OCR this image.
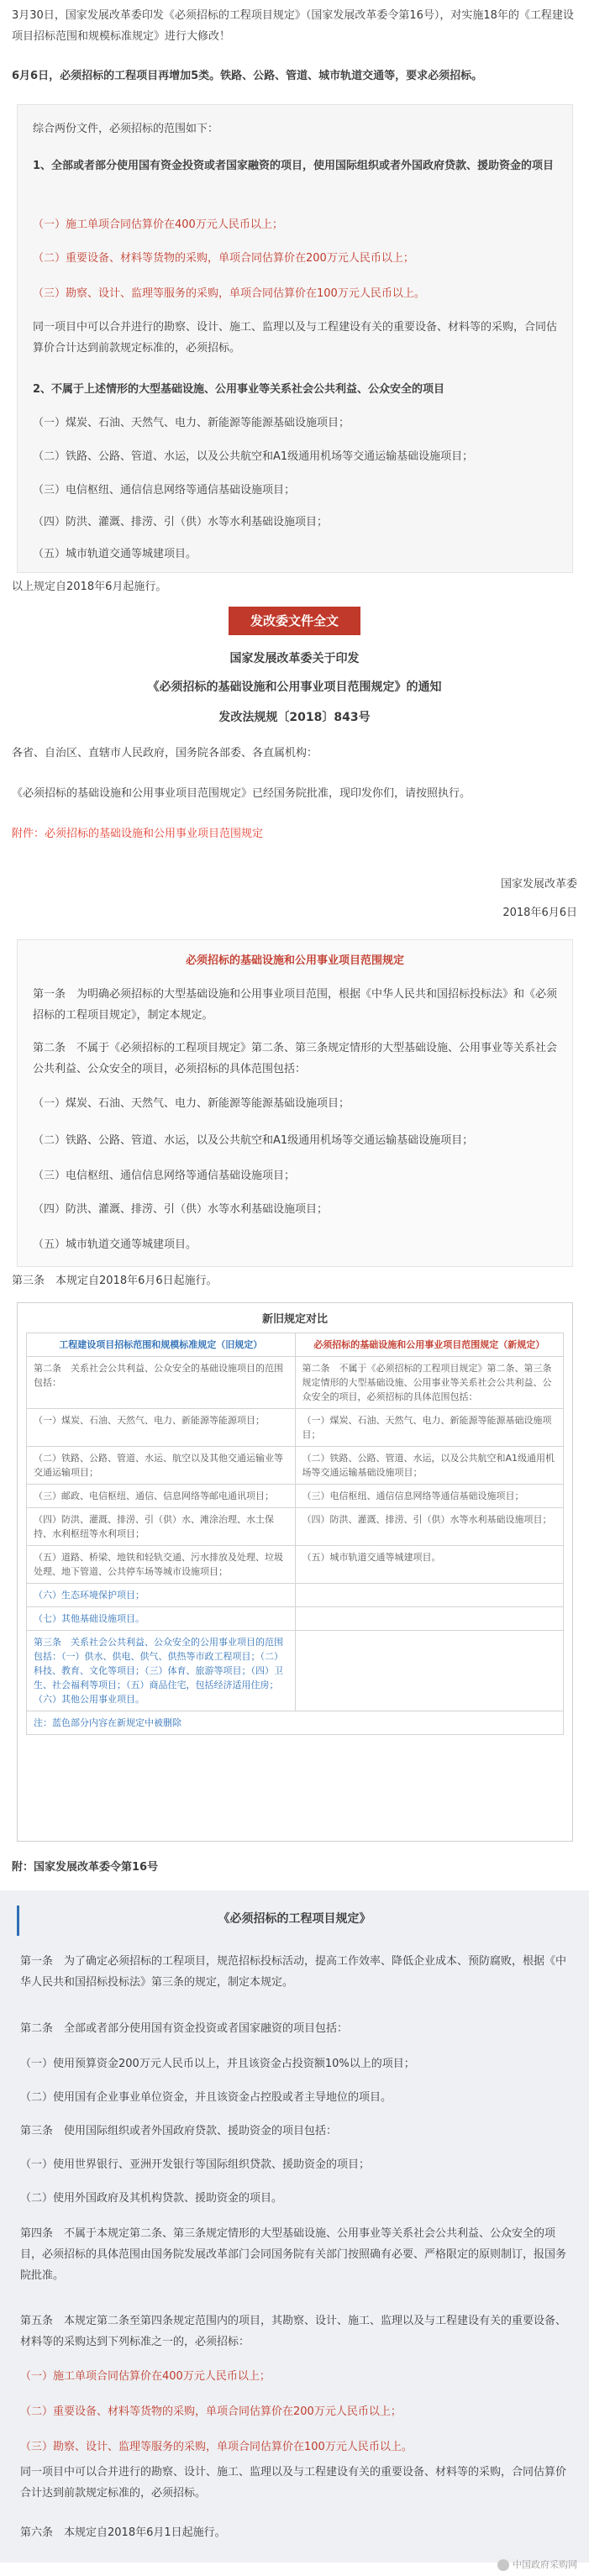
3月30日，国家发展改革委印发《必须招标的工程项目规定》（国家发展改革委令第16号），对实施18年的《工程建设项目招标范围和规模标准规定》进行大修改！

6月6日，必须招标的工程项目再增加5类。铁路、公路、管道、城市轨道交通等，要求必须招标。

综合两份文件，必须招标的范围如下：

1、全部或者部分使用国有资金投资或者国家融资的项目，使用国际组织或者外国政府贷款、援助资金的项目

（一）施工单项合同估算价在400万元人民币以上；

（二）重要设备、材料等货物的采购，单项合同估算价在200万元人民币以上；

（三）勘察、设计、监理等服务的采购，单项合同估算价在100万元人民币以上。

同一项目中可以合并进行的勘察、设计、施工、监理以及与工程建设有关的重要设备、材料等的采购，合同估算价合计达到前款规定标准的，必须招标。

2、不属于上述情形的大型基础设施、公用事业等关系社会公共利益、公众安全的项目

（一）煤炭、石油、天然气、电力、新能源等能源基础设施项目；

（二）铁路、公路、管道、水运，以及公共航空和A1级通用机场等交通运输基础设施项目；

（三）电信枢纽、通信信息网络等通信基础设施项目；

（四）防洪、灌溉、排涝、引（供）水等水利基础设施项目；

（五）城市轨道交通等城建项目。

以上规定自2018年6月起施行。

发改委文件全文

国家发展改革委关于印发

《必须招标的基础设施和公用事业项目范围规定》的通知

发改法规规〔2018〕843号

各省、自治区、直辖市人民政府，国务院各部委、各直属机构：

《必须招标的基础设施和公用事业项目范围规定》已经国务院批准，现印发你们，请按照执行。

附件：必须招标的基础设施和公用事业项目范围规定

国家发展改革委

2018年6月6日

必须招标的基础设施和公用事业项目范围规定

第一条　为明确必须招标的大型基础设施和公用事业项目范围，根据《中华人民共和国招标投标法》和《必须招标的工程项目规定》，制定本规定。

第二条　不属于《必须招标的工程项目规定》第二条、第三条规定情形的大型基础设施、公用事业等关系社会公共利益、公众安全的项目，必须招标的具体范围包括：

（一）煤炭、石油、天然气、电力、新能源等能源基础设施项目；

（二）铁路、公路、管道、水运，以及公共航空和A1级通用机场等交通运输基础设施项目；

（三）电信枢纽、通信信息网络等通信基础设施项目；

（四）防洪、灌溉、排涝、引（供）水等水利基础设施项目；

（五）城市轨道交通等城建项目。

第三条　本规定自2018年6月6日起施行。

新旧规定对比
工程建设项目招标范围和规模标准规定（旧规定）	必须招标的基础设施和公用事业项目范围规定（新规定）
第二条　关系社会公共利益、公众安全的基础设施项目的范围包括：	第二条　不属于《必须招标的工程项目规定》第二条、第三条规定情形的大型基础设施、公用事业等关系社会公共利益、公众安全的项目，必须招标的具体范围包括：
（一）煤炭、石油、天然气、电力、新能源等能源项目；	（一）煤炭、石油、天然气、电力、新能源等能源基础设施项目；
（二）铁路、公路、管道、水运、航空以及其他交通运输业等交通运输项目；	（二）铁路、公路、管道、水运，以及公共航空和A1级通用机场等交通运输基础设施项目；
（三）邮政、电信枢纽、通信、信息网络等邮电通讯项目；	（三）电信枢纽、通信信息网络等通信基础设施项目；
（四）防洪、灌溉、排涝、引（供）水、滩涂治理、水土保持、水利枢纽等水利项目；	（四）防洪、灌溉、排涝、引（供）水等水利基础设施项目；
（五）道路、桥梁、地铁和轻轨交通、污水排放及处理、垃圾处理、地下管道、公共停车场等城市设施项目；	（五）城市轨道交通等城建项目。
（六）生态环境保护项目；	
（七）其他基础设施项目。	
第三条　关系社会公共利益、公众安全的公用事业项目的范围包括：（一）供水、供电、供气、供热等市政工程项目；（二）科技、教育、文化等项目；（三）体育、旅游等项目；（四）卫生、社会福利等项目；（五）商品住宅，包括经济适用住房；（六）其他公用事业项目。	
注：蓝色部分内容在新规定中被删除	

附：国家发展改革委令第16号

《必须招标的工程项目规定》

第一条　为了确定必须招标的工程项目，规范招标投标活动，提高工作效率、降低企业成本、预防腐败，根据《中华人民共和国招标投标法》第三条的规定，制定本规定。

第二条　全部或者部分使用国有资金投资或者国家融资的项目包括：

（一）使用预算资金200万元人民币以上，并且该资金占投资额10%以上的项目；

（二）使用国有企业事业单位资金，并且该资金占控股或者主导地位的项目。

第三条　使用国际组织或者外国政府贷款、援助资金的项目包括：

（一）使用世界银行、亚洲开发银行等国际组织贷款、援助资金的项目；

（二）使用外国政府及其机构贷款、援助资金的项目。

第四条　不属于本规定第二条、第三条规定情形的大型基础设施、公用事业等关系社会公共利益、公众安全的项目，必须招标的具体范围由国务院发展改革部门会同国务院有关部门按照确有必要、严格限定的原则制订，报国务院批准。

第五条　本规定第二条至第四条规定范围内的项目，其勘察、设计、施工、监理以及与工程建设有关的重要设备、材料等的采购达到下列标准之一的，必须招标：

（一）施工单项合同估算价在400万元人民币以上；

（二）重要设备、材料等货物的采购，单项合同估算价在200万元人民币以上；

（三）勘察、设计、监理等服务的采购，单项合同估算价在100万元人民币以上。

同一项目中可以合并进行的勘察、设计、施工、监理以及与工程建设有关的重要设备、材料等的采购，合同估算价合计达到前款规定标准的，必须招标。

第六条　本规定自2018年6月1日起施行。

中国政府采购网
